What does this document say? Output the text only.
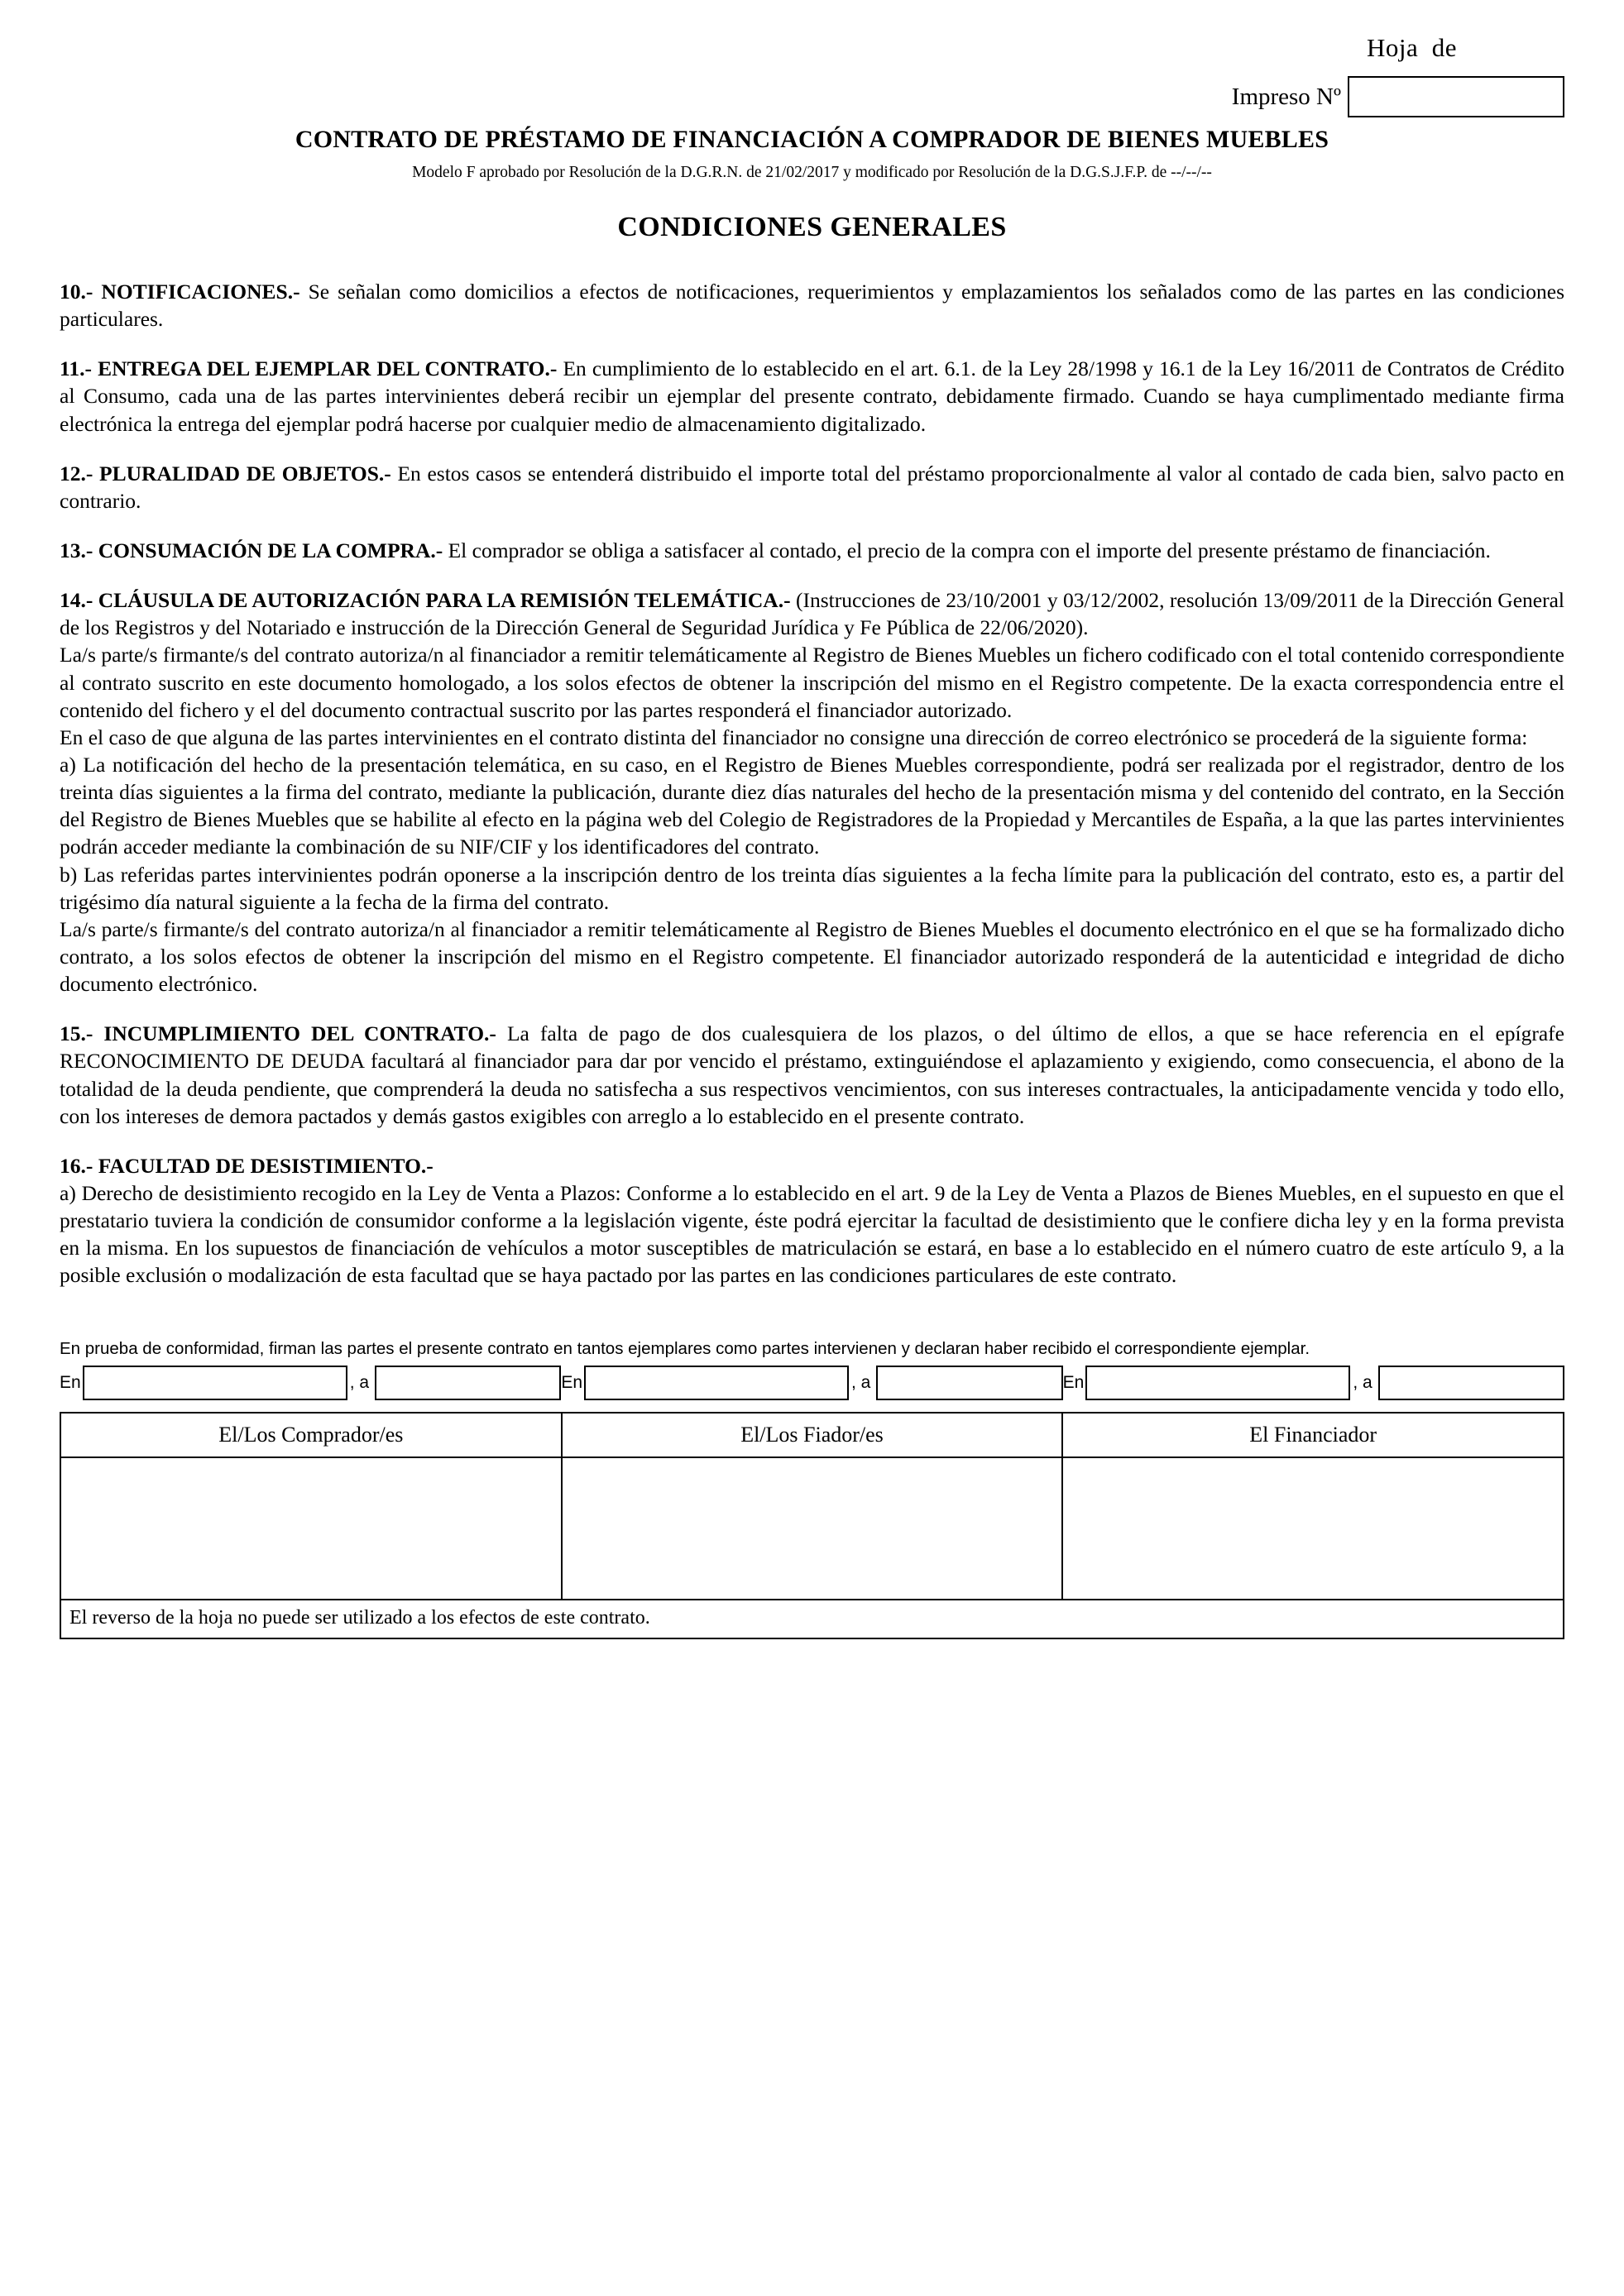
Hoja  de
Impreso Nº
CONTRATO DE PRÉSTAMO DE FINANCIACIÓN A COMPRADOR DE BIENES MUEBLES
Modelo F aprobado por Resolución de la D.G.R.N. de 21/02/2017 y modificado por Resolución de la D.G.S.J.F.P. de --/--/--
CONDICIONES GENERALES

10.- NOTIFICACIONES.- Se señalan como domicilios a efectos de notificaciones, requerimientos y emplazamientos los señalados como de las partes en las condiciones particulares.

11.- ENTREGA DEL EJEMPLAR DEL CONTRATO.- En cumplimiento de lo establecido en el art. 6.1. de la Ley 28/1998 y 16.1 de la Ley 16/2011 de Contratos de Crédito al Consumo, cada una de las partes intervinientes deberá recibir un ejemplar del presente contrato, debidamente firmado. Cuando se haya cumplimentado mediante firma electrónica la entrega del ejemplar podrá hacerse por cualquier medio de almacenamiento digitalizado.

12.- PLURALIDAD DE OBJETOS.- En estos casos se entenderá distribuido el importe total del préstamo proporcionalmente al valor al contado de cada bien, salvo pacto en contrario.

13.- CONSUMACIÓN DE LA COMPRA.- El comprador se obliga a satisfacer al contado, el precio de la compra con el importe del presente préstamo de financiación.

14.- CLÁUSULA DE AUTORIZACIÓN PARA LA REMISIÓN TELEMÁTICA.- (Instrucciones de 23/10/2001 y 03/12/2002, resolución 13/09/2011 de la Dirección General de los Registros y del Notariado e instrucción de la Dirección General de Seguridad Jurídica y Fe Pública de 22/06/2020).

La/s parte/s firmante/s del contrato autoriza/n al financiador a remitir telemáticamente al Registro de Bienes Muebles un fichero codificado con el total contenido correspondiente al contrato suscrito en este documento homologado, a los solos efectos de obtener la inscripción del mismo en el Registro competente. De la exacta correspondencia entre el contenido del fichero y el del documento contractual suscrito por las partes responderá el financiador autorizado.

En el caso de que alguna de las partes intervinientes en el contrato distinta del financiador no consigne una dirección de correo electrónico se procederá de la siguiente forma:

a) La notificación del hecho de la presentación telemática, en su caso, en el Registro de Bienes Muebles correspondiente, podrá ser realizada por el registrador, dentro de los treinta días siguientes a la firma del contrato, mediante la publicación, durante diez días naturales del hecho de la presentación misma y del contenido del contrato, en la Sección del Registro de Bienes Muebles que se habilite al efecto en la página web del Colegio de Registradores de la Propiedad y Mercantiles de España, a la que las partes intervinientes podrán acceder mediante la combinación de su NIF/CIF y los identificadores del contrato.

b) Las referidas partes intervinientes podrán oponerse a la inscripción dentro de los treinta días siguientes a la fecha límite para la publicación del contrato, esto es, a partir del trigésimo día natural siguiente a la fecha de la firma del contrato.

La/s parte/s firmante/s del contrato autoriza/n al financiador a remitir telemáticamente al Registro de Bienes Muebles el documento electrónico en el que se ha formalizado dicho contrato, a los solos efectos de obtener la inscripción del mismo en el Registro competente. El financiador autorizado responderá de la autenticidad e integridad de dicho documento electrónico.

15.- INCUMPLIMIENTO DEL CONTRATO.- La falta de pago de dos cualesquiera de los plazos, o del último de ellos, a que se hace referencia en el epígrafe RECONOCIMIENTO DE DEUDA facultará al financiador para dar por vencido el préstamo, extinguiéndose el aplazamiento y exigiendo, como consecuencia, el abono de la totalidad de la deuda pendiente, que comprenderá la deuda no satisfecha a sus respectivos vencimientos, con sus intereses contractuales, la anticipadamente vencida y todo ello, con los intereses de demora pactados y demás gastos exigibles con arreglo a lo establecido en el presente contrato.

16.- FACULTAD DE DESISTIMIENTO.-

a) Derecho de desistimiento recogido en la Ley de Venta a Plazos: Conforme a lo establecido en el art. 9 de la Ley de Venta a Plazos de Bienes Muebles, en el supuesto en que el prestatario tuviera la condición de consumidor conforme a la legislación vigente, éste podrá ejercitar la facultad de desistimiento que le confiere dicha ley y en la forma prevista en la misma. En los supuestos de financiación de vehículos a motor susceptibles de matriculación se estará, en base a lo establecido en el número cuatro de este artículo 9, a la posible exclusión o modalización de esta facultad que se haya pactado por las partes en las condiciones particulares de este contrato.

En prueba de conformidad, firman las partes el presente contrato en tantos ejemplares como partes intervienen y declaran haber recibido el correspondiente ejemplar.
En	, a	En	, a	En	, a
El/Los Comprador/es	El/Los Fiador/es	El Financiador

El reverso de la hoja no puede ser utilizado a los efectos de este contrato.
